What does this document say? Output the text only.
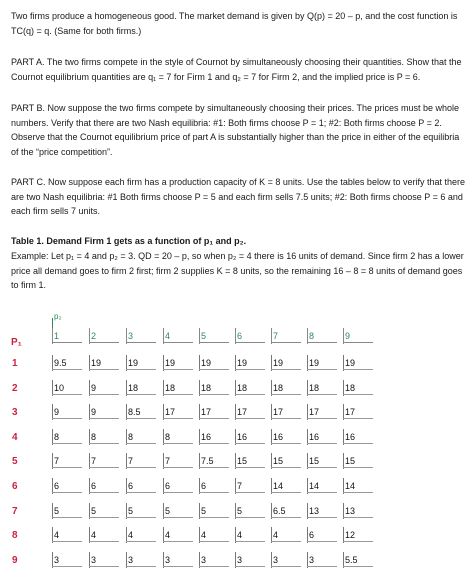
Two firms produce a homogeneous good. The market demand is given by Q(p) = 20 – p, and the cost function is TC(q) = q. (Same for both firms.)

PART A. The two firms compete in the style of Cournot by simultaneously choosing their quantities. Show that the Cournot equilibrium quantities are q₁ = 7 for Firm 1 and q₂ = 7 for Firm 2, and the implied price is P = 6.

PART B. Now suppose the two firms compete by simultaneously choosing their prices. The prices must be whole numbers. Verify that there are two Nash equilibria: #1: Both firms choose P = 1; #2: Both firms choose P = 2. Observe that the Cournot equilibrium price of part A is substantially higher than the price in either of the equilibria of the “price competition”.

PART C. Now suppose each firm has a production capacity of K = 8 units. Use the tables below to verify that there are two Nash equilibria: #1 Both firms choose P = 5 and each firm sells 7.5 units; #2: Both firms choose P = 6 and each firm sells 7 units.

Table 1. Demand Firm 1 gets as a function of p₁ and p₂.

Example: Let p₁ = 4 and p₂ = 3. QD = 20 – p, so when p₂ = 4 there is 16 units of demand. Since firm 2 has a lower price all demand goes to firm 2 first; firm 2 supplies K = 8 units, so the remaining 16 – 8 = 8 units of demand goes to firm 1.

p₂
P₁
1	2	3	4	5	6	7	8	9
1	9.5	19	19	19	19	19	19	19	19
2	10	9	18	18	18	18	18	18	18
3	9	9	8.5	17	17	17	17	17	17
4	8	8	8	8	16	16	16	16	16
5	7	7	7	7	7.5	15	15	15	15
6	6	6	6	6	6	7	14	14	14
7	5	5	5	5	5	5	6.5	13	13
8	4	4	4	4	4	4	4	6	12
9	3	3	3	3	3	3	3	3	5.5
